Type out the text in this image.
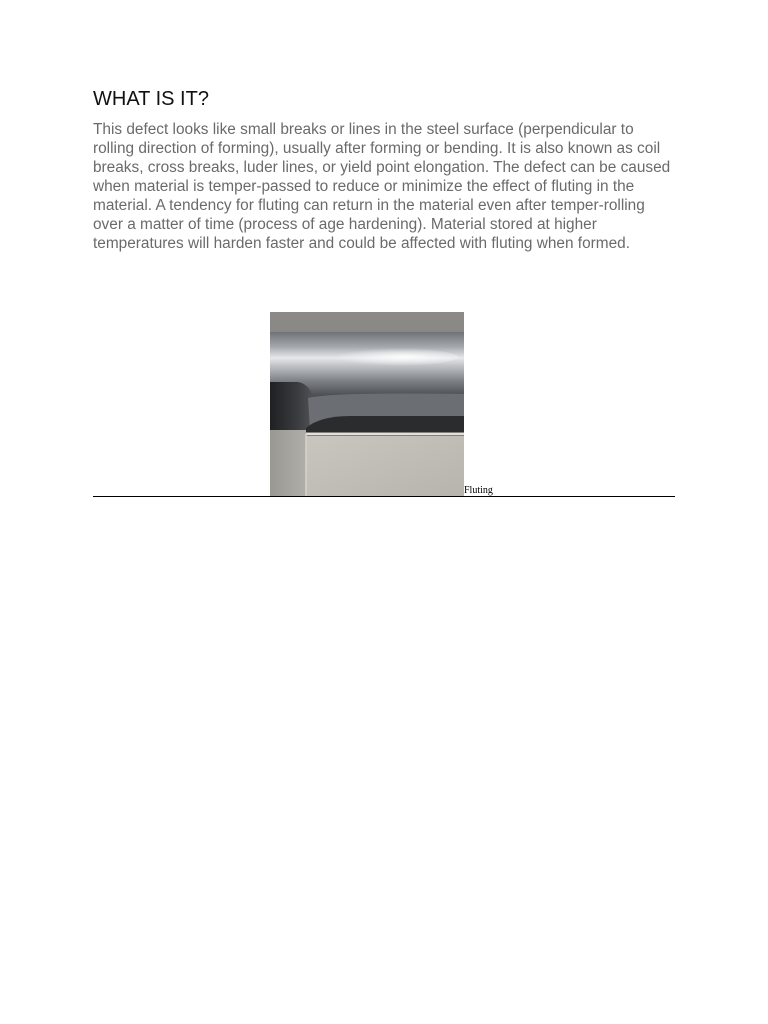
WHAT IS IT?

This defect looks like small breaks or lines in the steel surface (perpendicular to rolling direction of forming), usually after forming or bending. It is also known as coil breaks, cross breaks, luder lines, or yield point elongation. The defect can be caused when material is temper-passed to reduce or minimize the effect of fluting in the material. A tendency for fluting can return in the material even after temper-rolling over a matter of time (process of age hardening). Material stored at higher temperatures will harden faster and could be affected with fluting when formed.

Fluting
